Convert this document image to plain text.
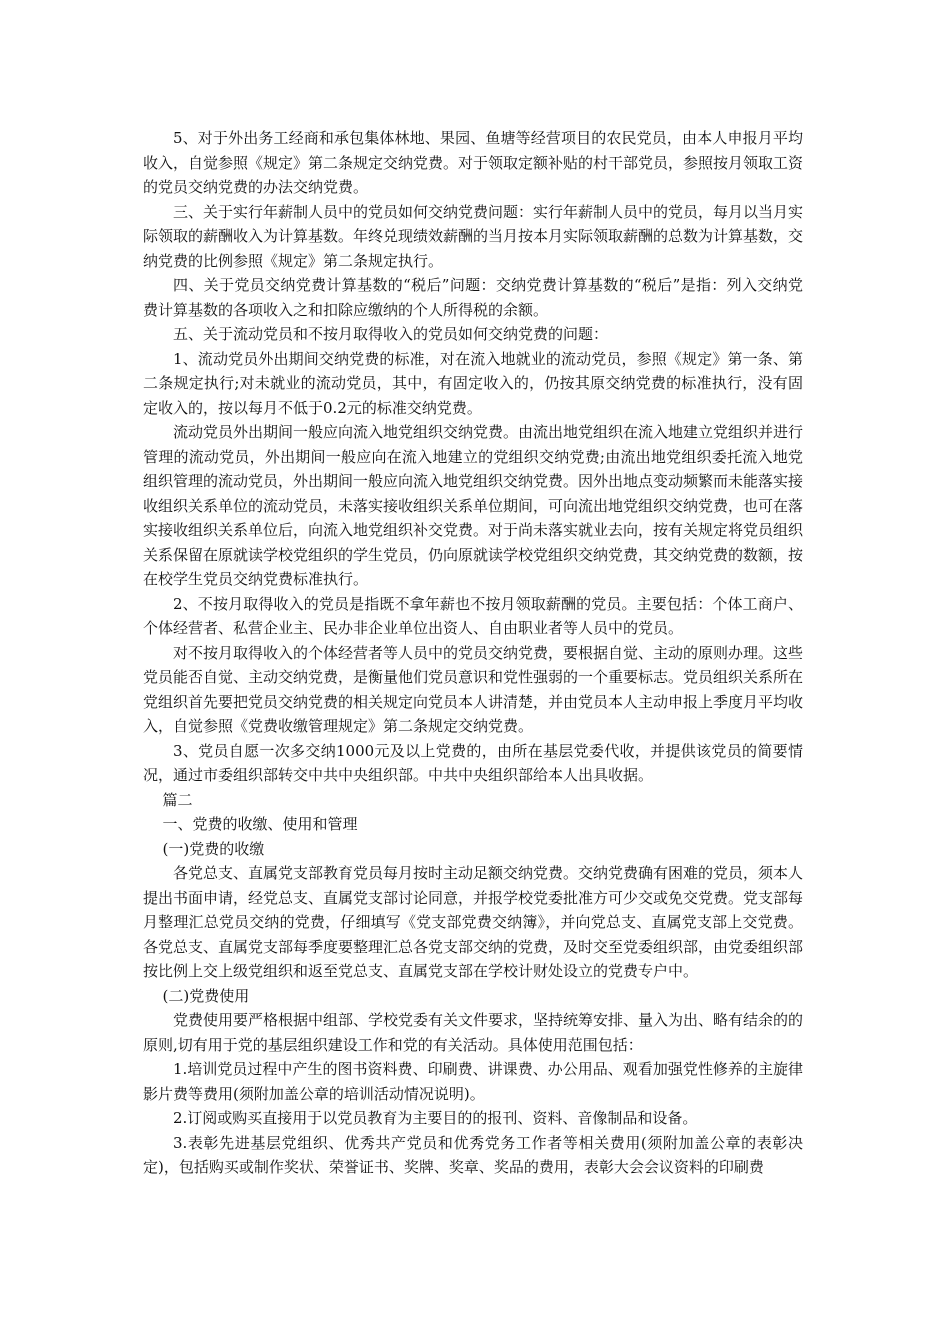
5、对于外出务工经商和承包集体林地、果园、鱼塘等经营项目的农民党员，由本人申报月平均收入，自觉参照《规定》第二条规定交纳党费。对于领取定额补贴的村干部党员，参照按月领取工资的党员交纳党费的办法交纳党费。

三、关于实行年薪制人员中的党员如何交纳党费问题：实行年薪制人员中的党员，每月以当月实际领取的薪酬收入为计算基数。年终兑现绩效薪酬的当月按本月实际领取薪酬的总数为计算基数，交纳党费的比例参照《规定》第二条规定执行。

四、关于党员交纳党费计算基数的“税后”问题：交纳党费计算基数的“税后”是指：列入交纳党费计算基数的各项收入之和扣除应缴纳的个人所得税的余额。

五、关于流动党员和不按月取得收入的党员如何交纳党费的问题：

1、流动党员外出期间交纳党费的标准，对在流入地就业的流动党员，参照《规定》第一条、第二条规定执行;对未就业的流动党员，其中，有固定收入的，仍按其原交纳党费的标准执行，没有固定收入的，按以每月不低于0.2元的标准交纳党费。

流动党员外出期间一般应向流入地党组织交纳党费。由流出地党组织在流入地建立党组织并进行管理的流动党员，外出期间一般应向在流入地建立的党组织交纳党费;由流出地党组织委托流入地党组织管理的流动党员，外出期间一般应向流入地党组织交纳党费。因外出地点变动频繁而未能落实接收组织关系单位的流动党员，未落实接收组织关系单位期间，可向流出地党组织交纳党费，也可在落实接收组织关系单位后，向流入地党组织补交党费。对于尚未落实就业去向，按有关规定将党员组织关系保留在原就读学校党组织的学生党员，仍向原就读学校党组织交纳党费，其交纳党费的数额，按在校学生党员交纳党费标准执行。

2、不按月取得收入的党员是指既不拿年薪也不按月领取薪酬的党员。主要包括：个体工商户、个体经营者、私营企业主、民办非企业单位出资人、自由职业者等人员中的党员。

对不按月取得收入的个体经营者等人员中的党员交纳党费，要根据自觉、主动的原则办理。这些党员能否自觉、主动交纳党费，是衡量他们党员意识和党性强弱的一个重要标志。党员组织关系所在党组织首先要把党员交纳党费的相关规定向党员本人讲清楚，并由党员本人主动申报上季度月平均收入，自觉参照《党费收缴管理规定》第二条规定交纳党费。

3、党员自愿一次多交纳1000元及以上党费的，由所在基层党委代收，并提供该党员的简要情况，通过市委组织部转交中共中央组织部。中共中央组织部给本人出具收据。

篇二

一、党费的收缴、使用和管理

(一)党费的收缴

各党总支、直属党支部教育党员每月按时主动足额交纳党费。交纳党费确有困难的党员，须本人提出书面申请，经党总支、直属党支部讨论同意，并报学校党委批准方可少交或免交党费。党支部每月整理汇总党员交纳的党费，仔细填写《党支部党费交纳簿》，并向党总支、直属党支部上交党费。各党总支、直属党支部每季度要整理汇总各党支部交纳的党费，及时交至党委组织部，由党委组织部按比例上交上级党组织和返至党总支、直属党支部在学校计财处设立的党费专户中。

(二)党费使用

党费使用要严格根据中组部、学校党委有关文件要求，坚持统筹安排、量入为出、略有结余的的原则,切有用于党的基层组织建设工作和党的有关活动。具体使用范围包括：

1.培训党员过程中产生的图书资料费、印刷费、讲课费、办公用品、观看加强党性修养的主旋律影片费等费用(须附加盖公章的培训活动情况说明)。

2.订阅或购买直接用于以党员教育为主要目的的报刊、资料、音像制品和设备。

3.表彰先进基层党组织、优秀共产党员和优秀党务工作者等相关费用(须附加盖公章的表彰决定)，包括购买或制作奖状、荣誉证书、奖牌、奖章、奖品的费用，表彰大会会议资料的印刷费
